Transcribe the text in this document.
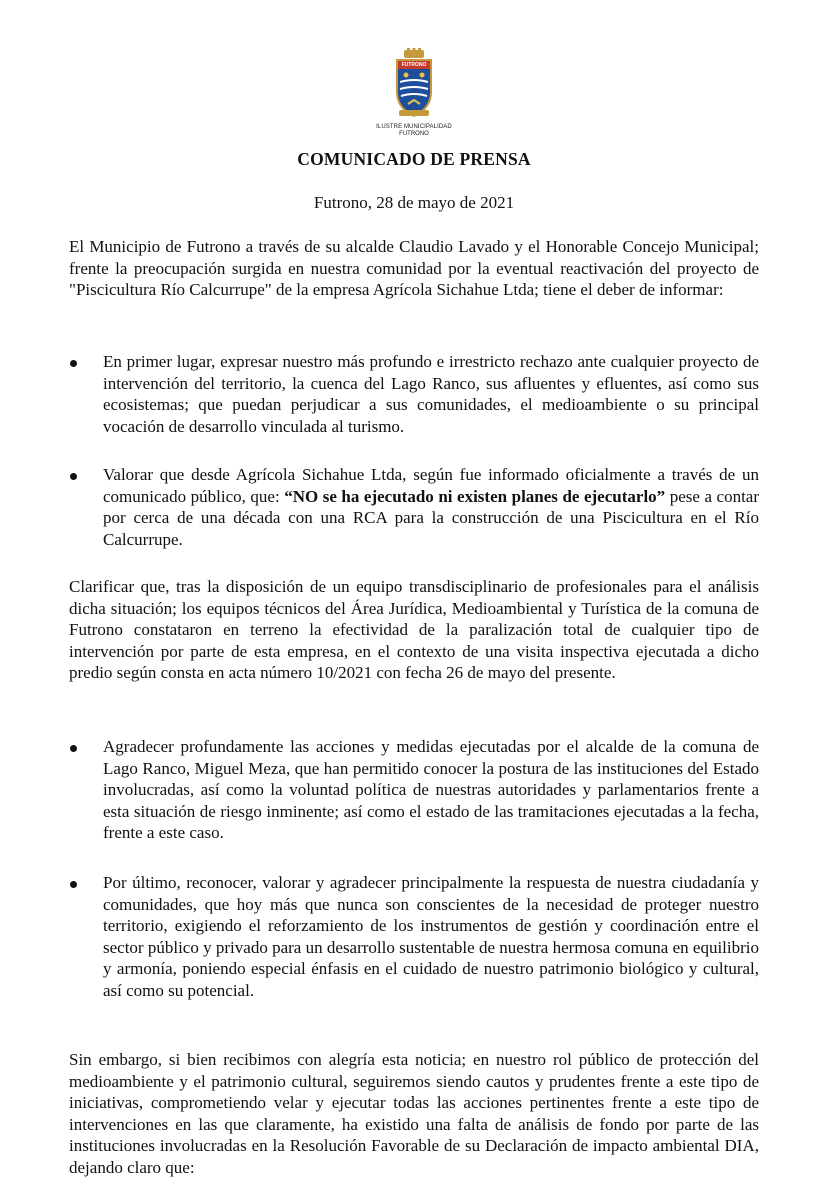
ILUSTRE MUNICIPALIDAD
FUTRONO
FUTRONO
COMUNICADO DE PRENSA
Futrono, 28 de mayo de 2021
El Municipio de Futrono a través de su alcalde Claudio Lavado y el Honorable Concejo Municipal; frente la preocupación surgida en nuestra comunidad por la eventual reactivación del proyecto de "Piscicultura Río Calcurrupe" de la empresa Agrícola Sichahue Ltda; tiene el deber de informar:
En primer lugar, expresar nuestro más profundo e irrestricto rechazo ante cualquier proyecto de intervención del territorio, la cuenca del Lago Ranco, sus afluentes y efluentes, así como sus ecosistemas; que puedan perjudicar a sus comunidades, el medioambiente o su principal vocación de desarrollo vinculada al turismo.
Valorar que desde Agrícola Sichahue Ltda, según fue informado oficialmente a través de un comunicado público, que: “NO se ha ejecutado ni existen planes de ejecutarlo” pese a contar por cerca de una década con una RCA para la construcción de una Piscicultura en el Río Calcurrupe.
Clarificar que, tras la disposición de un equipo transdisciplinario de profesionales para el análisis dicha situación; los equipos técnicos del Área Jurídica, Medioambiental y Turística de la comuna de Futrono constataron en terreno la efectividad de la paralización total de cualquier tipo de intervención por parte de esta empresa, en el contexto de una visita inspectiva ejecutada a dicho predio según consta en acta número 10/2021 con fecha 26 de mayo del presente.
Agradecer profundamente las acciones y medidas ejecutadas por el alcalde de la comuna de Lago Ranco, Miguel Meza, que han permitido conocer la postura de las instituciones del Estado involucradas, así como la voluntad política de nuestras autoridades y parlamentarios frente a esta situación de riesgo inminente; así como el estado de las tramitaciones ejecutadas a la fecha, frente a este caso.
Por último, reconocer, valorar y agradecer principalmente la respuesta de nuestra ciudadanía y comunidades, que hoy más que nunca son conscientes de la necesidad de proteger nuestro territorio, exigiendo el reforzamiento de los instrumentos de gestión y coordinación entre el sector público y privado para un desarrollo sustentable de nuestra hermosa comuna en equilibrio y armonía, poniendo especial énfasis en el cuidado de nuestro patrimonio biológico y cultural, así como su potencial.
Sin embargo, si bien recibimos con alegría esta noticia; en nuestro rol público de protección del medioambiente y el patrimonio cultural, seguiremos siendo cautos y prudentes frente a este tipo de iniciativas, comprometiendo velar y ejecutar todas las acciones pertinentes frente a este tipo de intervenciones en las que claramente, ha existido una falta de análisis de fondo por parte de las instituciones involucradas en la Resolución Favorable de su Declaración de impacto ambiental DIA, dejando claro que:
